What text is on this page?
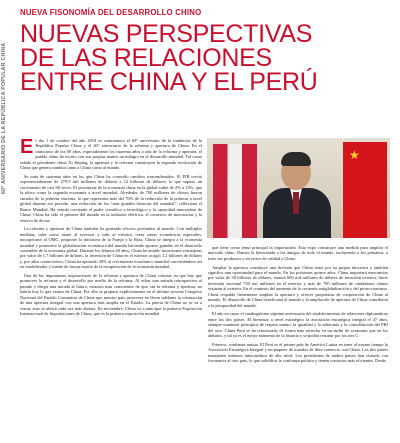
60º ANIVERSARIO DE LA REPÚBLICA POPULAR CHINA
NUEVA FISONOMÍA DEL DESARROLLO CHINO
NUEVAS PERSPECTIVAS
DE LAS RELACIONES
ENTRE CHINA Y EL PERÚ

El día 1 de octubre del año 2018 se conmemora el 69° aniversario de la fundación de la República Popular China y el 40° aniversario de la reforma y apertura de China. En el transcurso de los 69 años, especialmente los cuarenta años a raíz de la reforma y apertura, el pueblo chino ha escrito con sus propias manos un milagro en el desarrollo mundial. Tal como señala el presidente chino Xi Jinping, la apertura y la reforma constituyen la segunda revolución de China que genera cambios tanto a China como al mundo.

Se trata de cuarenta años en los que China ha conocido cambios trascendentales. El PIB creció exponencialmente de 279,9 mil millones de dólares a 12 billones de dólares, lo que supuso un crecimiento de casi 68 veces. El porcentaje de la economía china en la global subió de 2% a 15%, que la ubica como la segunda economía a nivel mundial. Alrededor de 700 millones de chinos fueron sacados de la pobreza extrema, lo que representa más del 70% de la reducción de la pobreza a nivel global durante ese periodo, una reducción de las “más grandes historias del mundial”, reflexiona el Banco Mundial. Ha venido creciendo el poder científico y tecnológico y la capacidad innovadora de China. China ha sido el primero del mundo en la industria eléctrica, el comercio de mercancías y la reserva de divisa.

La reforma y apertura de China también ha generado efectos profundos al mundo. Con múltiples medidas, tales como atraer al inversor y salir al exterior, crear zonas económicas especiales, incorporarse al OMC, proponer la iniciativa de la Franja y la Ruta, China se integra a la economía mundial y promueve la globalización económica del mundo haciendo aportes grandes en el desarrollo sostenible de la economía global. Durante los últimos 40 años, China ha atraído inversiones extranjeras por valor de 1,7 billones de dólares, la inversión de China en el exterior acogió 1,2 billones de dólares y, por años consecutivos, China ha aportado 30% al crecimiento económico mundial convirtiéndose así en estabilizador y fuente de fuerza motriz de la recuperación de la economía mundial.

Una de las importantes inspiraciones de la reforma y apertura de China consiste en que hay que promover la reforma y el desarrollo por medio de la reforma. Al echar una mirada retrospectiva al pasado y dirigir una mirada al futuro, estamos más conscientes de que, sin la reforma y apertura, no habría hoy lo que vemos de China. Por ello se propuso explícitamente en el décimo noveno Congreso Nacional del Partido Comunista de China que nuestro país persevera en llevar adelante la orientación de una apertura integral con una apertura más amplia en el Estado. La puerta de China no se va a cerrar, sino se abrirá cada vez más abierta. En noviembre, China va a anticipar la primera Exposición Internacional de Importaciones de China, que es la primera exposición mundial

★

que tiene como tema principal la importación. Esta expo constituye una medida para ampliar el mercado chino. Damos la bienvenida a los amigos de todo el mundo, incluyendo a los peruanos, a traer sus productos y servicios de calidad a China.

Ampliar la apertura constituye una decisión que China tomó por su propia iniciativa y también significa una oportunidad para el mundo. En los próximos quince años, China importará mercancías por valor de 30 billones de dólares, atraerá 600 mil millones de dólares de inversión exterior, hacer inversión nacional 750 mil millones en el exterior y más de 700 millones de ciudadanos chinos viajarán al exterior. En el contexto del aumento de la corriente antiglobalización y del proteccionismo, China respalda firmemente ampliar la apertura y ofrecer propuestas de cooperación de China al mundo. El desarrollo de China beneficiará al mundo y la ampliación de apertura de China contribuirá a la prosperidad del mundo.

El año en curso el cuadragésimo séptimo aniversario del establecimiento de relaciones diplomáticas entre los dos países. El bienestar a nivel estratégico la asociación estratégica integral el 47 años, siempre mantiene principios de respeto mutuo, la igualdad y la soberanía y la consolidación del PBI del otro. China Perú se ha relacionado de forma más estrecha en un sinfín de ocasiones que en los ámbitos, y tal ya es el mejor momento de la historia y se podría resumir por los tres C:

Primero, confianza mutua. El Perú es el primer país de América Latina en tener al mismo tiempo la Asociación Estratégica Integral y un paquete de tratados de libre comercio con China. Los dos países mantienen intensos intercambios de alto nivel. Los presidentes de ambos países han visitado con frecuencia al otro país, lo que solidifica la confianza política y tienen contactos más eficientes. Desde
